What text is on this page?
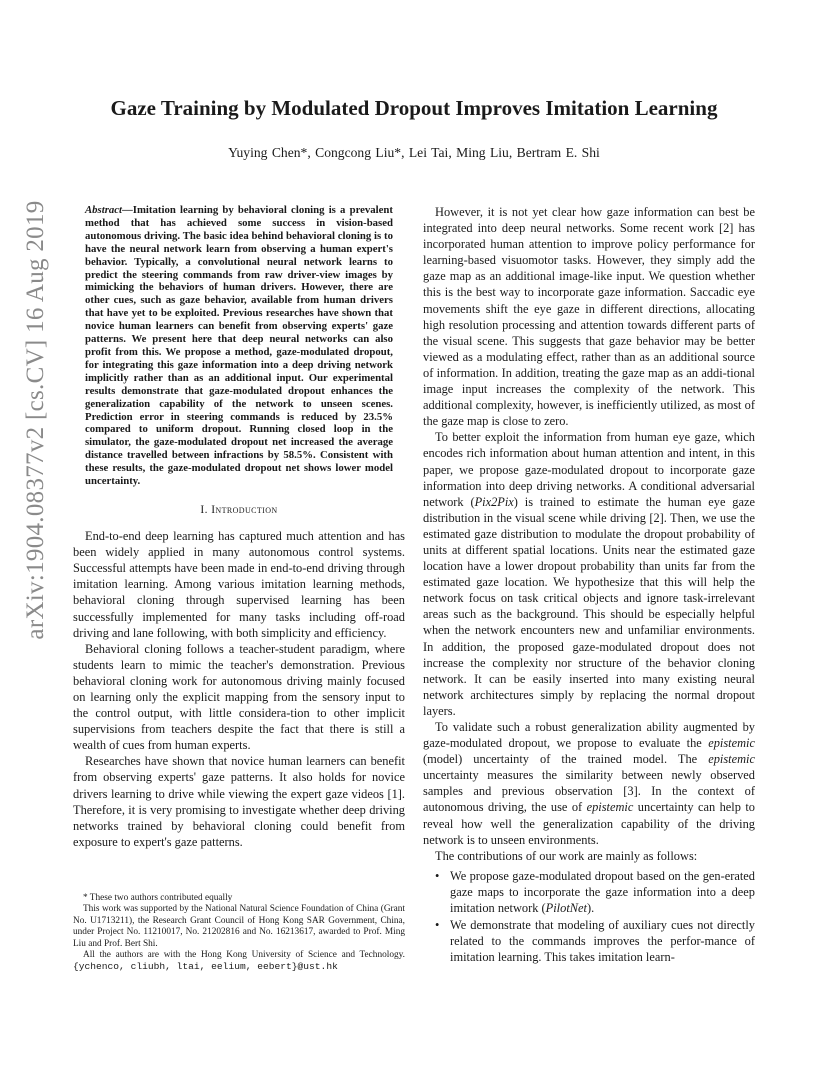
arXiv:1904.08377v2 [cs.CV] 16 Aug 2019
Gaze Training by Modulated Dropout Improves Imitation Learning
Yuying Chen*, Congcong Liu*, Lei Tai, Ming Liu, Bertram E. Shi
Abstract—Imitation learning by behavioral cloning is a prevalent method that has achieved some success in vision-based autonomous driving. The basic idea behind behavioral cloning is to have the neural network learn from observing a human expert's behavior. Typically, a convolutional neural network learns to predict the steering commands from raw driver-view images by mimicking the behaviors of human drivers. However, there are other cues, such as gaze behavior, available from human drivers that have yet to be exploited. Previous researches have shown that novice human learners can benefit from observing experts' gaze patterns. We present here that deep neural networks can also profit from this. We propose a method, gaze-modulated dropout, for integrating this gaze information into a deep driving network implicitly rather than as an additional input. Our experimental results demonstrate that gaze-modulated dropout enhances the generalization capability of the network to unseen scenes. Prediction error in steering commands is reduced by 23.5% compared to uniform dropout. Running closed loop in the simulator, the gaze-modulated dropout net increased the average distance travelled between infractions by 58.5%. Consistent with these results, the gaze-modulated dropout net shows lower model uncertainty.
I. Introduction

End-to-end deep learning has captured much attention and has been widely applied in many autonomous control systems. Successful attempts have been made in end-to-end driving through imitation learning. Among various imitation learning methods, behavioral cloning through supervised learning has been successfully implemented for many tasks including off-road driving and lane following, with both simplicity and efficiency.

Behavioral cloning follows a teacher-student paradigm, where students learn to mimic the teacher's demonstration. Previous behavioral cloning work for autonomous driving mainly focused on learning only the explicit mapping from the sensory input to the control output, with little considera-tion to other implicit supervisions from teachers despite the fact that there is still a wealth of cues from human experts.

Researches have shown that novice human learners can benefit from observing experts' gaze patterns. It also holds for novice drivers learning to drive while viewing the expert gaze videos [1]. Therefore, it is very promising to investigate whether deep driving networks trained by behavioral cloning could benefit from exposure to expert's gaze patterns.

* These two authors contributed equally

This work was supported by the National Natural Science Foundation of China (Grant No. U1713211), the Research Grant Council of Hong Kong SAR Government, China, under Project No. 11210017, No. 21202816 and No. 16213617, awarded to Prof. Ming Liu and Prof. Bert Shi.

All the authors are with the Hong Kong University of Science and Technology. {ychenco, cliubh, ltai, eelium, eebert}@ust.hk

However, it is not yet clear how gaze information can best be integrated into deep neural networks. Some recent work [2] has incorporated human attention to improve policy performance for learning-based visuomotor tasks. However, they simply add the gaze map as an additional image-like input. We question whether this is the best way to incorporate gaze information. Saccadic eye movements shift the eye gaze in different directions, allocating high resolution processing and attention towards different parts of the visual scene. This suggests that gaze behavior may be better viewed as a modulating effect, rather than as an additional source of information. In addition, treating the gaze map as an addi-tional image input increases the complexity of the network. This additional complexity, however, is inefficiently utilized, as most of the gaze map is close to zero.

To better exploit the information from human eye gaze, which encodes rich information about human attention and intent, in this paper, we propose gaze-modulated dropout to incorporate gaze information into deep driving networks. A conditional adversarial network (Pix2Pix) is trained to estimate the human eye gaze distribution in the visual scene while driving [2]. Then, we use the estimated gaze distribution to modulate the dropout probability of units at different spatial locations. Units near the estimated gaze location have a lower dropout probability than units far from the estimated gaze location. We hypothesize that this will help the network focus on task critical objects and ignore task-irrelevant areas such as the background. This should be especially helpful when the network encounters new and unfamiliar environments. In addition, the proposed gaze-modulated dropout does not increase the complexity nor structure of the behavior cloning network. It can be easily inserted into many existing neural network architectures simply by replacing the normal dropout layers.

To validate such a robust generalization ability augmented by gaze-modulated dropout, we propose to evaluate the epistemic (model) uncertainty of the trained model. The epistemic uncertainty measures the similarity between newly observed samples and previous observation [3]. In the context of autonomous driving, the use of epistemic uncertainty can help to reveal how well the generalization capability of the driving network is to unseen environments.

The contributions of our work are mainly as follows:

• We propose gaze-modulated dropout based on the gen-erated gaze maps to incorporate the gaze information into a deep imitation network (PilotNet).
• We demonstrate that modeling of auxiliary cues not directly related to the commands improves the perfor-mance of imitation learning. This takes imitation learn-
